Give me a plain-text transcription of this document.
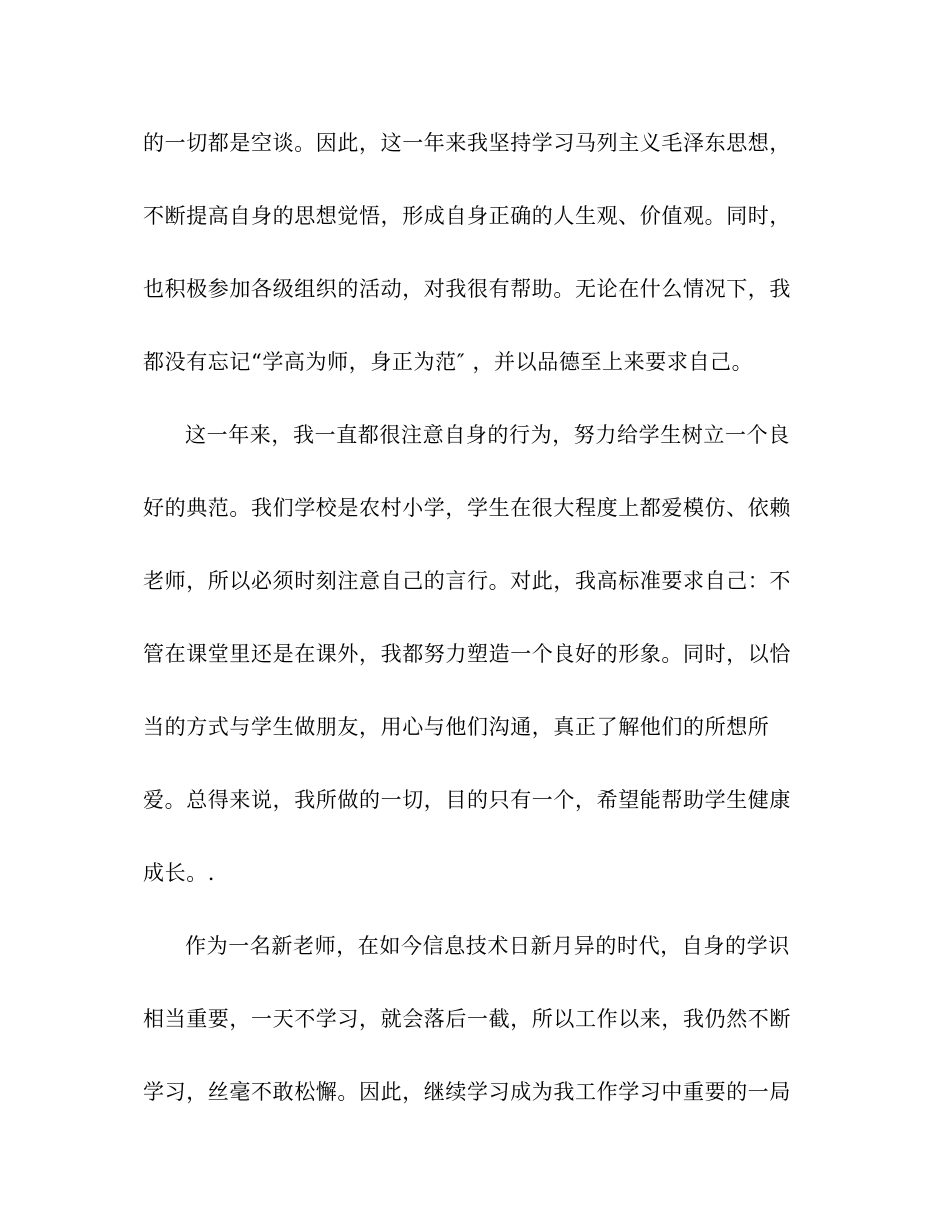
的一切都是空谈。因此，这一年来我坚持学习马列主义毛泽东思想，
不断提高自身的思想觉悟，形成自身正确的人生观、价值观。同时，
也积极参加各级组织的活动，对我很有帮助。无论在什么情况下，我
都没有忘记“学高为师，身正为范″ ，并以品德至上来要求自己。
这一年来，我一直都很注意自身的行为，努力给学生树立一个良
好的典范。我们学校是农村小学，学生在很大程度上都爱模仿、依赖
老师，所以必须时刻注意自己的言行。对此，我高标准要求自己：不
管在课堂里还是在课外，我都努力塑造一个良好的形象。同时，以恰
当的方式与学生做朋友，用心与他们沟通，真正了解他们的所想所
爱。总得来说，我所做的一切，目的只有一个，希望能帮助学生健康
成长。.
作为一名新老师，在如今信息技术日新月异的时代，自身的学识
相当重要，一天不学习，就会落后一截，所以工作以来，我仍然不断
学习，丝毫不敢松懈。因此，继续学习成为我工作学习中重要的一局
